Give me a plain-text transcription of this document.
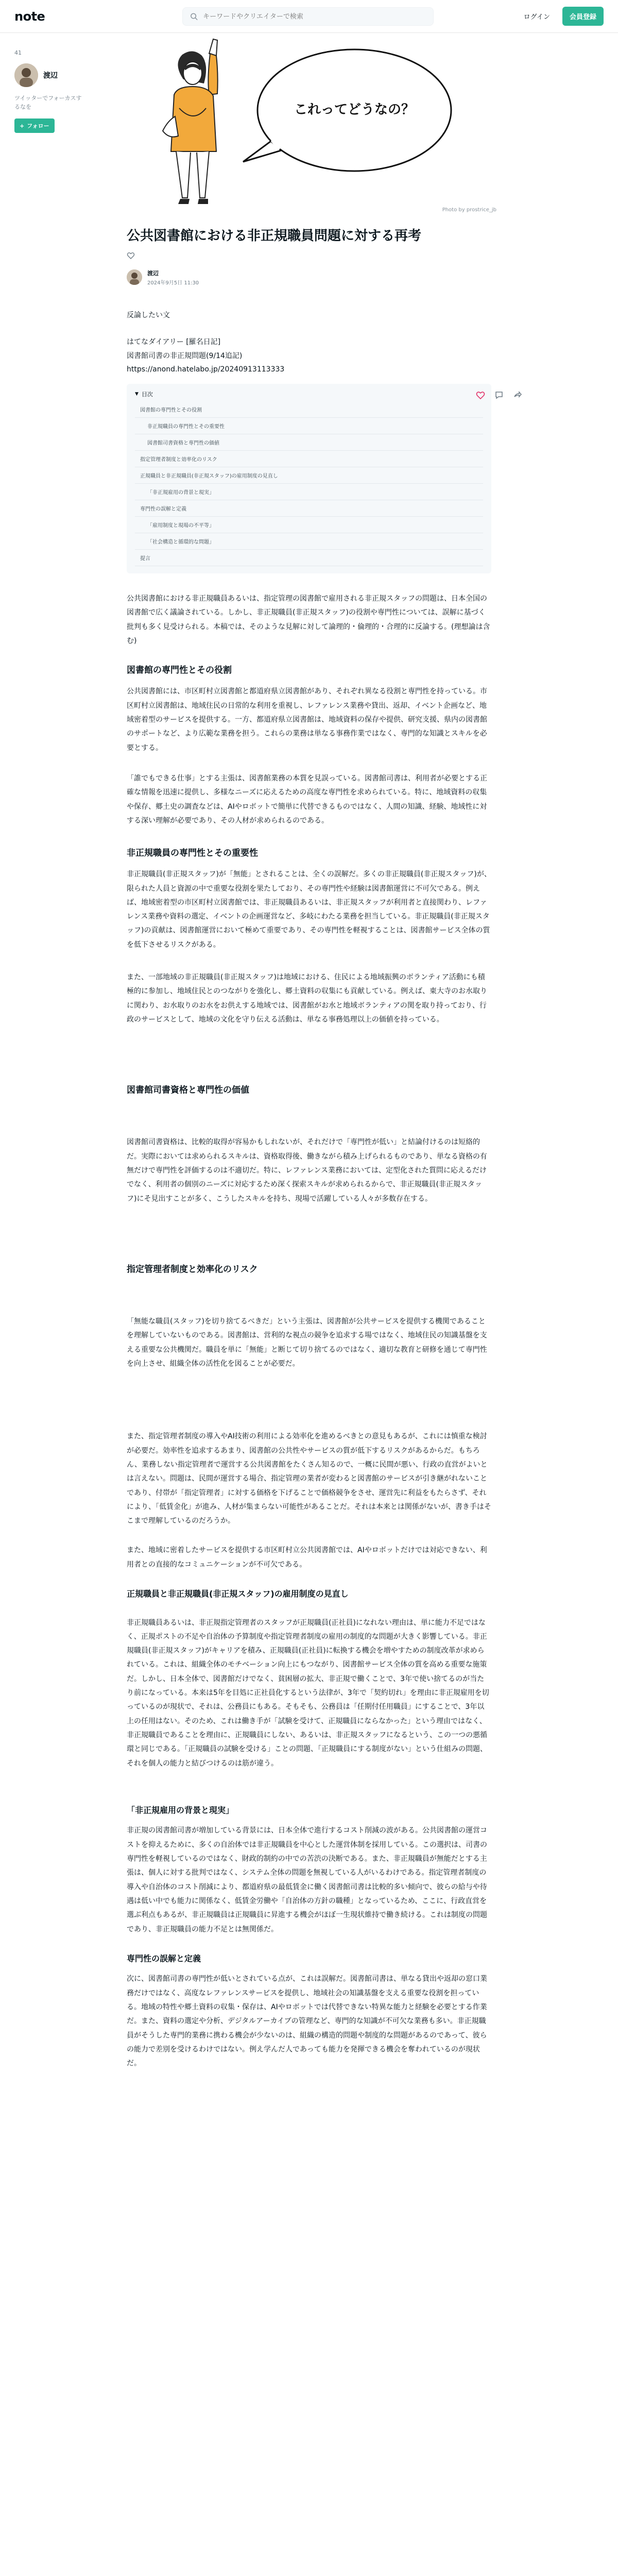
note
キーワードやクリエイターで検索	ログイン	会員登録
41
渡辺
ツイッターでフォーカスするなを
+ フォロー
これってどうなの？
Photo by prostrice_jb
公共図書館における非正規職員問題に対する再考
渡辺
2024年9月5日 11:30
反論したい文
はてなダイアリー [羅名日記]
図書館司書の非正規問題(9/14追記)
https://anond.hatelabo.jp/20240913113333
▼ 目次
図書館の専門性とその役割
非正規職員の専門性とその重要性
図書館司書資格と専門性の価値
指定管理者制度と効率化のリスク
正規職員と非正規職員(非正規スタッフ)の雇用制度の見直し
「非正規雇用の背景と現実」
専門性の誤解と定義
「雇用制度と現場の不平等」
「社会構造と循環的な問題」
提言
公共図書館における非正規職員あるいは、指定管理の図書館で雇用される非正規スタッフの問題は、日本全国の図書館で広く議論されている。しかし、非正規職員(非正規スタッフ)の役割や専門性については、誤解に基づく批判も多く見受けられる。本稿では、そのような見解に対して論理的・倫理的・合理的に反論する。(理想論は含む)
図書館の専門性とその役割
公共図書館には、市区町村立図書館と都道府県立図書館があり、それぞれ異なる役割と専門性を持っている。市区町村立図書館は、地域住民の日常的な利用を重視し、レファレンス業務や貸出、返却、イベント企画など、地域密着型のサービスを提供する。一方、都道府県立図書館は、地域資料の保存や提供、研究支援、県内の図書館のサポートなど、より広範な業務を担う。これらの業務は単なる事務作業ではなく、専門的な知識とスキルを必要とする。
「誰でもできる仕事」とする主張は、図書館業務の本質を見誤っている。図書館司書は、利用者が必要とする正確な情報を迅速に提供し、多様なニーズに応えるための高度な専門性を求められている。特に、地域資料の収集や保存、郷土史の調査などは、AIやロボットで簡単に代替できるものではなく、人間の知識、経験、地域性に対する深い理解が必要であり、その人材が求められるのである。
非正規職員の専門性とその重要性
非正規職員(非正規スタッフ)が「無能」とされることは、全くの誤解だ。多くの非正規職員(非正規スタッフ)が、限られた人員と資源の中で重要な役割を果たしており、その専門性や経験は図書館運営に不可欠である。例えば、地域密着型の市区町村立図書館では、非正規職員あるいは、非正規スタッフが利用者と直接関わり、レファレンス業務や資料の選定、イベントの企画運営など、多岐にわたる業務を担当している。非正規職員(非正規スタッフ)の貢献は、図書館運営において極めて重要であり、その専門性を軽視することは、図書館サービス全体の質を低下させるリスクがある。
また、一部地域の非正規職員(非正規スタッフ)は地域における、住民による地域振興のボランティア活動にも積極的に参加し、地域住民とのつながりを強化し、郷土資料の収集にも貢献している。例えば、東大寺のお水取りに関わり、お水取りのお水をお供えする地域では、図書館がお水と地域ボランティアの関を取り持っており、行政のサービスとして、地域の文化を守り伝える活動は、単なる事務処理以上の価値を持っている。
図書館司書資格と専門性の価値
図書館司書資格は、比較的取得が容易かもしれないが、それだけで「専門性が低い」と結論付けるのは短絡的だ。実際においては求められるスキルは、資格取得後、働きながら積み上げられるものであり、単なる資格の有無だけで専門性を評価するのは不適切だ。特に、レファレンス業務においては、定型化された質問に応えるだけでなく、利用者の個別のニーズに対応するため深く探索スキルが求められるからで、非正規職員(非正規スタッフ)にそ見出すことが多く、こうしたスキルを持ち、現場で活躍している人々が多数存在する。
指定管理者制度と効率化のリスク
「無能な職員(スタッフ)を切り捨てるべきだ」という主張は、図書館が公共サービスを提供する機関であることを理解していないものである。図書館は、営利的な視点の競争を追求する場ではなく、地域住民の知識基盤を支える重要な公共機関だ。職員を単に「無能」と断じて切り捨てるのではなく、適切な教育と研修を通じて専門性を向上させ、組織全体の活性化を図ることが必要だ。
また、指定管理者制度の導入やAI技術の利用による効率化を進めるべきとの意見もあるが、これには慎重な検討が必要だ。効率性を追求するあまり、図書館の公共性やサービスの質が低下するリスクがあるからだ。もちろん、業務しない指定管理者で運営する公共図書館をたくさん知るので、一概に民間が悪い、行政の直営がよいとは言えない。問題は、民間が運営する場合、指定管理の業者が変わると図書館のサービスが引き継がれないことであり、付帯が「指定管理者」に対する価格を下げることで価格競争をさせ、運営先に利益をもたらさず、それにより、「低賃金化」が進み、人材が集まらない可能性があることだ。それは本来とは関係がないが、書き手はそこまで理解しているのだろうか。
また、地域に密着したサービスを提供する市区町村立公共図書館では、AIやロボットだけでは対応できない、利用者との直接的なコミュニケーションが不可欠である。
正規職員と非正規職員(非正規スタッフ)の雇用制度の見直し
非正規職員あるいは、非正規指定管理者のスタッフが正規職員(正社員)になれない理由は、単に能力不足ではなく、正規ポストの不足や自治体の予算制度や指定管理者制度の雇用の制度的な問題が大きく影響している。非正規職員(非正規スタッフ)がキャリアを積み、正規職員(正社員)に転換する機会を増やすための制度改革が求められている。これは、組織全体のモチベーション向上にもつながり、図書館サービス全体の質を高める重要な施策だ。しかし、日本全体で、図書館だけでなく、貧困層の拡大、非正規で働くことで、3年で使い捨てるのが当たり前になっている。本来は5年を目処に正社員化するという法律が、3年で「契約切れ」を理由に非正規雇用を切っているのが現状で、それは、公務員にもある。そもそも、公務員は「任期付任用職員」にすることで、3年以上の任用はない。そのため、これは働き手が「試験を受けて、正規職員にならなかった」という理由ではなく、非正規職員であることを理由に、正規職員にしない、あるいは、非正規スタッフになるという、この一つの悪循環と同じである。「正規職員の試験を受ける」ことの問題、「正規職員にする制度がない」という仕組みの問題、それを個人の能力と結びつけるのは筋が違う。
「非正規雇用の背景と現実」
非正規の図書館司書が増加している背景には、日本全体で進行するコスト削減の波がある。公共図書館の運営コストを抑えるために、多くの自治体では非正規職員を中心とした運営体制を採用している。この選択は、司書の専門性を軽視しているのではなく、財政的制約の中での苦渋の決断である。また、非正規職員が無能だとする主張は、個人に対する批判ではなく、システム全体の問題を無視している人がいるわけである。指定管理者制度の導入や自治体のコスト削減により、都道府県の最低賃金に働く図書館司書は比較的多い傾向で、彼らの給与や待遇は低い中でも能力に関係なく、低賃金労働や「自治体の方針の職種」となっているため、ここに、行政直営を選ぶ利点もあるが、非正規職員は正規職員に昇進する機会がほぼ一生現状維持で働き続ける。これは制度の問題であり、非正規職員の能力不足とは無関係だ。
専門性の誤解と定義
次に、図書館司書の専門性が低いとされている点が、これは誤解だ。図書館司書は、単なる貸出や返却の窓口業務だけではなく、高度なレファレンスサービスを提供し、地域社会の知識基盤を支える重要な役割を担っている。地域の特性や郷土資料の収集・保存は、AIやロボットでは代替できない特異な能力と経験を必要とする作業だ。また、資料の選定や分析、デジタルアーカイブの管理など、専門的な知識が不可欠な業務も多い。非正規職員がそうした専門的業務に携わる機会が少ないのは、組織の構造的問題や制度的な問題があるのであって、彼らの能力で差別を受けるわけではない。例え学んだ人であっても能力を発揮できる機会を奪われているのが現状だ。
